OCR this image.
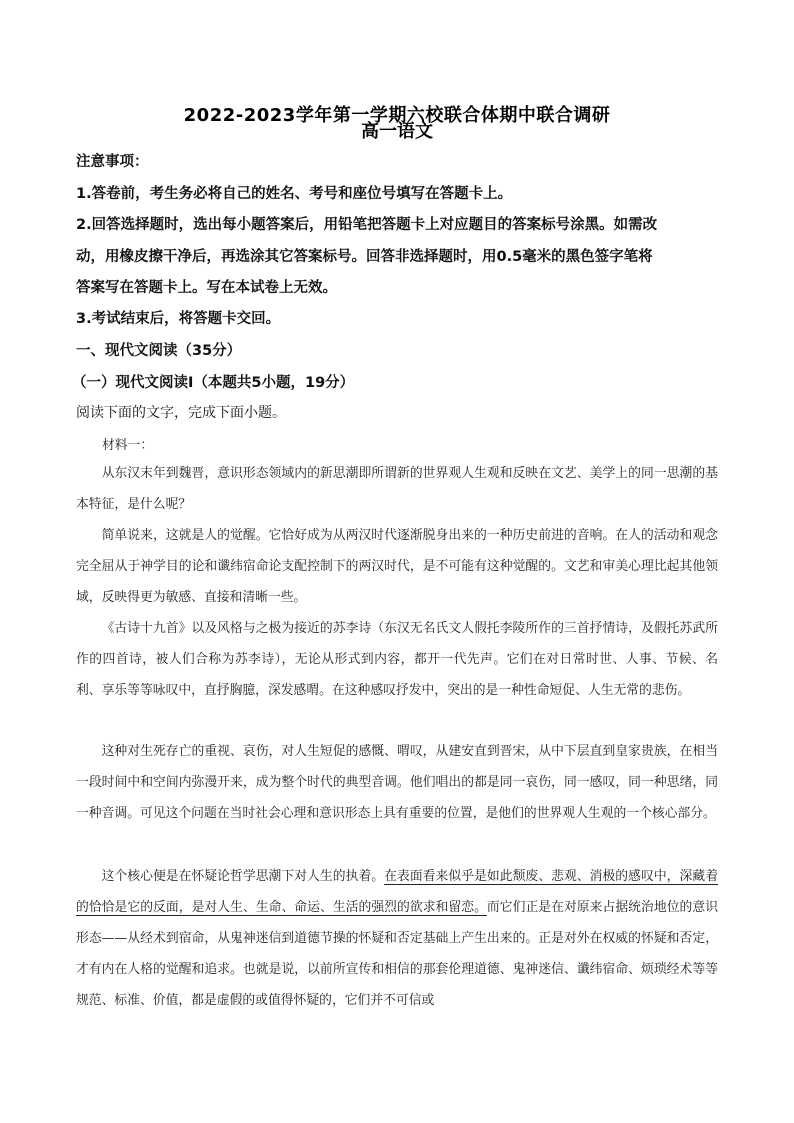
2022-2023学年第一学期六校联合体期中联合调研
高一语文
注意事项：
1.答卷前，考生务必将自己的姓名、考号和座位号填写在答题卡上。
2.回答选择题时，选出每小题答案后，用铅笔把答题卡上对应题目的答案标号涂黑。如需改
动，用橡皮擦干净后，再选涂其它答案标号。回答非选择题时，用0.5毫米的黑色签字笔将
答案写在答题卡上。写在本试卷上无效。
3.考试结束后，将答题卡交回。
一、现代文阅读（35分）
（一）现代文阅读Ⅰ（本题共5小题，19分）
阅读下面的文字，完成下面小题。
材料一：

从东汉末年到魏晋，意识形态领域内的新思潮即所谓新的世界观人生观和反映在文艺、美学上的同一思潮的基本特征，是什么呢？

简单说来，这就是人的觉醒。它恰好成为从两汉时代逐渐脱身出来的一种历史前进的音响。在人的活动和观念完全屈从于神学目的论和谶纬宿命论支配控制下的两汉时代，是不可能有这种觉醒的。文艺和审美心理比起其他领域，反映得更为敏感、直接和清晰一些。

《古诗十九首》以及风格与之极为接近的苏李诗（东汉无名氏文人假托李陵所作的三首抒情诗，及假托苏武所作的四首诗，被人们合称为苏李诗），无论从形式到内容，都开一代先声。它们在对日常时世、人事、节候、名利、享乐等等咏叹中，直抒胸臆，深发感喟。在这种感叹抒发中，突出的是一种性命短促、人生无常的悲伤。

这种对生死存亡的重视、哀伤，对人生短促的感慨、喟叹，从建安直到晋宋，从中下层直到皇家贵族，在相当一段时间中和空间内弥漫开来，成为整个时代的典型音调。他们唱出的都是同一哀伤，同一感叹，同一种思绪，同一种音调。可见这个问题在当时社会心理和意识形态上具有重要的位置，是他们的世界观人生观的一个核心部分。

这个核心便是在怀疑论哲学思潮下对人生的执着。在表面看来似乎是如此颓废、悲观、消极的感叹中，深藏着的恰恰是它的反面，是对人生、生命、命运、生活的强烈的欲求和留恋。而它们正是在对原来占据统治地位的意识形态——从经术到宿命，从鬼神迷信到道德节操的怀疑和否定基础上产生出来的。正是对外在权威的怀疑和否定，才有内在人格的觉醒和追求。也就是说，以前所宣传和相信的那套伦理道德、鬼神迷信、谶纬宿命、烦琐经术等等规范、标准、价值，都是虚假的或值得怀疑的，它们并不可信或
